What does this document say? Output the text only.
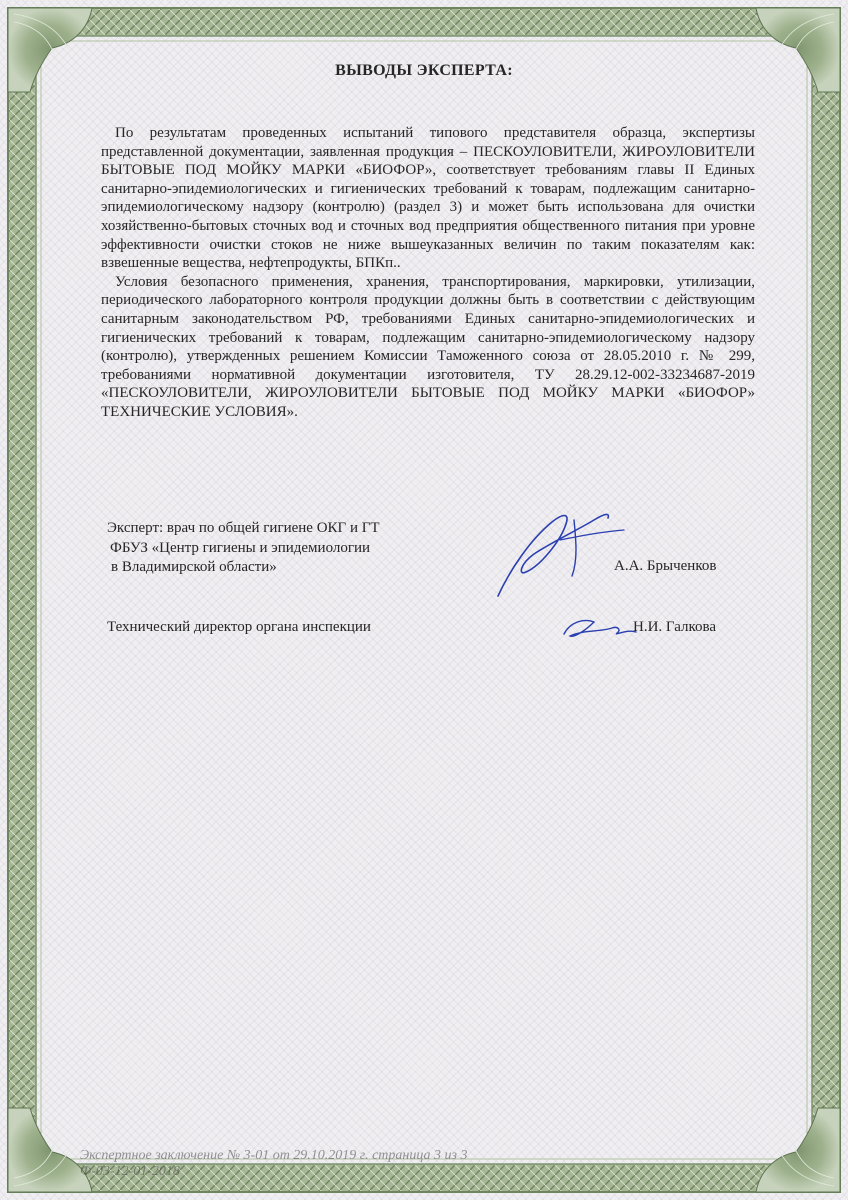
ВЫВОДЫ ЭКСПЕРТА:

По результатам проведенных испытаний типового представителя образца, экспертизы представленной документации, заявленная продукция – ПЕСКОУЛОВИТЕЛИ, ЖИРОУЛОВИТЕЛИ БЫТОВЫЕ ПОД МОЙКУ МАРКИ «БИОФОР», соответствует требованиям главы II Единых санитарно-эпидемиологических и гигиенических требований к товарам, подлежащим санитарно-эпидемиологическому надзору (контролю) (раздел 3) и может быть использована для очистки хозяйственно-бытовых сточных вод и сточных вод предприятия общественного питания при уровне эффективности очистки стоков не ниже вышеуказанных величин по таким показателям как: взвешенные вещества, нефтепродукты, БПКп..

Условия безопасного применения, хранения, транспортирования, маркировки, утилизации, периодического лабораторного контроля продукции должны быть в соответствии с действующим санитарным законодательством РФ, требованиями Единых санитарно-эпидемиологических и гигиенических требований к товарам, подлежащим санитарно-эпидемиологическому надзору (контролю), утвержденных решением Комиссии Таможенного союза от 28.05.2010 г. № 299, требованиями нормативной документации изготовителя, ТУ 28.29.12-002-33234687-2019 «ПЕСКОУЛОВИТЕЛИ, ЖИРОУЛОВИТЕЛИ БЫТОВЫЕ ПОД МОЙКУ МАРКИ «БИОФОР» ТЕХНИЧЕСКИЕ УСЛОВИЯ».

Эксперт: врач по общей гигиене ОКГ и ГТ
ФБУЗ «Центр гигиены и эпидемиологии
в Владимирской области»	А.А. Брыченков
Технический директор органа инспекции	Н.И. Галкова
Экспертное заключение № 3-01 от 29.10.2019 г. страница 3 из 3
Ф-03-12-01-2018
